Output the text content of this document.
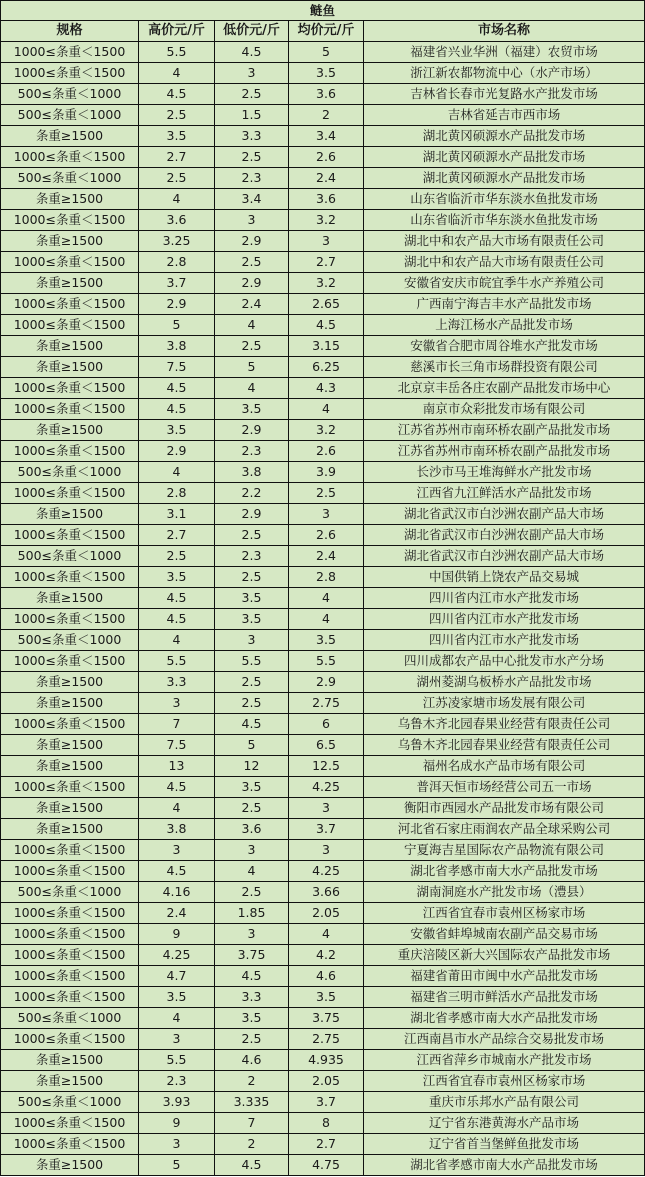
鲢鱼				
规格	高价元/斤	低价元/斤	均价元/斤	市场名称
1000≤条重＜1500	5.5	4.5	5	福建省兴业华洲（福建）农贸市场
1000≤条重＜1500	4	3	3.5	浙江新农都物流中心（水产市场）
500≤条重＜1000	4.5	2.5	3.6	吉林省长春市光复路水产批发市场
500≤条重＜1000	2.5	1.5	2	吉林省延吉市西市场
条重≥1500	3.5	3.3	3.4	湖北黄冈硕源水产品批发市场
1000≤条重＜1500	2.7	2.5	2.6	湖北黄冈硕源水产品批发市场
500≤条重＜1000	2.5	2.3	2.4	湖北黄冈硕源水产品批发市场
条重≥1500	4	3.4	3.6	山东省临沂市华东淡水鱼批发市场
1000≤条重＜1500	3.6	3	3.2	山东省临沂市华东淡水鱼批发市场
条重≥1500	3.25	2.9	3	湖北中和农产品大市场有限责任公司
1000≤条重＜1500	2.8	2.5	2.7	湖北中和农产品大市场有限责任公司
条重≥1500	3.7	2.9	3.2	安徽省安庆市皖宜季牛水产养殖公司
1000≤条重＜1500	2.9	2.4	2.65	广西南宁海吉丰水产品批发市场
1000≤条重＜1500	5	4	4.5	上海江杨水产品批发市场
条重≥1500	3.8	2.5	3.15	安徽省合肥市周谷堆水产批发市场
条重≥1500	7.5	5	6.25	慈溪市长三角市场群投资有限公司
1000≤条重＜1500	4.5	4	4.3	北京京丰岳各庄农副产品批发市场中心
1000≤条重＜1500	4.5	3.5	4	南京市众彩批发市场有限公司
条重≥1500	3.5	2.9	3.2	江苏省苏州市南环桥农副产品批发市场
1000≤条重＜1500	2.9	2.3	2.6	江苏省苏州市南环桥农副产品批发市场
500≤条重＜1000	4	3.8	3.9	长沙市马王堆海鲜水产批发市场
1000≤条重＜1500	2.8	2.2	2.5	江西省九江鲜活水产品批发市场
条重≥1500	3.1	2.9	3	湖北省武汉市白沙洲农副产品大市场
1000≤条重＜1500	2.7	2.5	2.6	湖北省武汉市白沙洲农副产品大市场
500≤条重＜1000	2.5	2.3	2.4	湖北省武汉市白沙洲农副产品大市场
1000≤条重＜1500	3.5	2.5	2.8	中国供销上饶农产品交易城
条重≥1500	4.5	3.5	4	四川省内江市水产批发市场
1000≤条重＜1500	4.5	3.5	4	四川省内江市水产批发市场
500≤条重＜1000	4	3	3.5	四川省内江市水产批发市场
1000≤条重＜1500	5.5	5.5	5.5	四川成都农产品中心批发市水产分场
条重≥1500	3.3	2.5	2.9	湖州菱湖乌板桥水产品批发市场
条重≥1500	3	2.5	2.75	江苏凌家塘市场发展有限公司
1000≤条重＜1500	7	4.5	6	乌鲁木齐北园春果业经营有限责任公司
条重≥1500	7.5	5	6.5	乌鲁木齐北园春果业经营有限责任公司
条重≥1500	13	12	12.5	福州名成水产品市场有限公司
1000≤条重＜1500	4.5	3.5	4.25	普洱天恒市场经营公司五一市场
条重≥1500	4	2.5	3	衡阳市西园水产品批发市场有限公司
条重≥1500	3.8	3.6	3.7	河北省石家庄雨润农产品全球采购公司
1000≤条重＜1500	3	3	3	宁夏海吉星国际农产品物流有限公司
1000≤条重＜1500	4.5	4	4.25	湖北省孝感市南大水产品批发市场
500≤条重＜1000	4.16	2.5	3.66	湖南洞庭水产批发市场（澧县）
1000≤条重＜1500	2.4	1.85	2.05	江西省宜春市袁州区杨家市场
1000≤条重＜1500	9	3	4	安徽省蚌埠城南农副产品交易市场
1000≤条重＜1500	4.25	3.75	4.2	重庆涪陵区新大兴国际农产品批发市场
1000≤条重＜1500	4.7	4.5	4.6	福建省莆田市闽中水产品批发市场
1000≤条重＜1500	3.5	3.3	3.5	福建省三明市鲜活水产品批发市场
500≤条重＜1000	4	3.5	3.75	湖北省孝感市南大水产品批发市场
1000≤条重＜1500	3	2.5	2.75	江西南昌市水产品综合交易批发市场
条重≥1500	5.5	4.6	4.935	江西省萍乡市城南水产批发市场
条重≥1500	2.3	2	2.05	江西省宜春市袁州区杨家市场
500≤条重＜1000	3.93	3.335	3.7	重庆市乐邦水产品有限公司
1000≤条重＜1500	9	7	8	辽宁省东港黄海水产品市场
1000≤条重＜1500	3	2	2.7	辽宁省首当堡鲜鱼批发市场
条重≥1500	5	4.5	4.75	湖北省孝感市南大水产品批发市场
